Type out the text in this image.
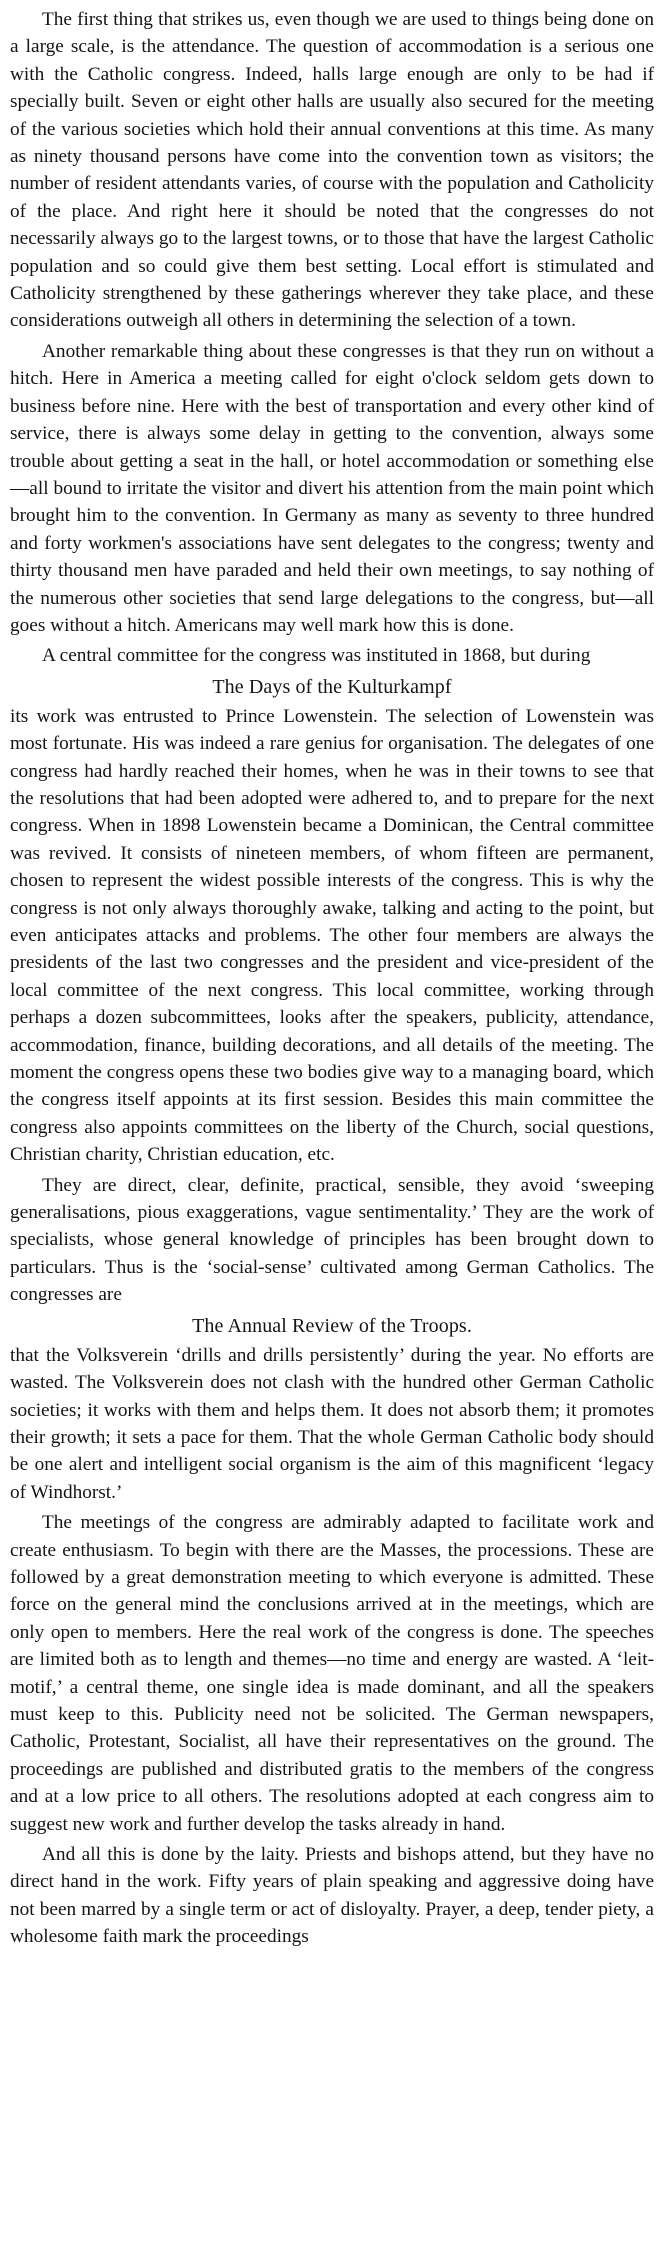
The first thing that strikes us, even though we are used to things being done on a large scale, is the attendance. The question of accommodation is a serious one with the Catholic congress. Indeed, halls large enough are only to be had if specially built. Seven or eight other halls are usually also secured for the meeting of the various societies which hold their annual conventions at this time. As many as ninety thousand persons have come into the convention town as visitors; the number of resident attendants varies, of course with the population and Catholicity of the place. And right here it should be noted that the congresses do not necessarily always go to the largest towns, or to those that have the largest Catholic population and so could give them best setting. Local effort is stimulated and Catholicity strengthened by these gatherings wherever they take place, and these considerations outweigh all others in determining the selection of a town.

Another remarkable thing about these congresses is that they run on without a hitch. Here in America a meeting called for eight o'clock seldom gets down to business before nine. Here with the best of transportation and every other kind of service, there is always some delay in getting to the convention, always some trouble about getting a seat in the hall, or hotel accommodation or something else—all bound to irritate the visitor and divert his attention from the main point which brought him to the convention. In Germany as many as seventy to three hundred and forty workmen's associations have sent delegates to the congress; twenty and thirty thousand men have paraded and held their own meetings, to say nothing of the numerous other societies that send large delegations to the congress, but—all goes without a hitch. Americans may well mark how this is done.

A central committee for the congress was instituted in 1868, but during

The Days of the Kulturkampf

its work was entrusted to Prince Lowenstein. The selection of Lowenstein was most fortunate. His was indeed a rare genius for organisation. The delegates of one congress had hardly reached their homes, when he was in their towns to see that the resolutions that had been adopted were adhered to, and to prepare for the next congress. When in 1898 Lowenstein became a Dominican, the Central committee was revived. It consists of nineteen members, of whom fifteen are permanent, chosen to represent the widest possible interests of the congress. This is why the congress is not only always thoroughly awake, talking and acting to the point, but even anticipates attacks and problems. The other four members are always the presidents of the last two congresses and the president and vice-president of the local committee of the next congress. This local committee, working through perhaps a dozen subcommittees, looks after the speakers, publicity, attendance, accommodation, finance, building decorations, and all details of the meeting. The moment the congress opens these two bodies give way to a managing board, which the congress itself appoints at its first session. Besides this main committee the congress also appoints committees on the liberty of the Church, social questions, Christian charity, Christian education, etc.

They are direct, clear, definite, practical, sensible, they avoid ‘sweeping generalisations, pious exaggerations, vague sentimentality.’ They are the work of specialists, whose general knowledge of principles has been brought down to particulars. Thus is the ‘social-sense’ cultivated among German Catholics. The congresses are

The Annual Review of the Troops.

that the Volksverein ‘drills and drills persistently’ during the year. No efforts are wasted. The Volksverein does not clash with the hundred other German Catholic societies; it works with them and helps them. It does not absorb them; it promotes their growth; it sets a pace for them. That the whole German Catholic body should be one alert and intelligent social organism is the aim of this magnificent ‘legacy of Windhorst.’

The meetings of the congress are admirably adapted to facilitate work and create enthusiasm. To begin with there are the Masses, the processions. These are followed by a great demonstration meeting to which everyone is admitted. These force on the general mind the conclusions arrived at in the meetings, which are only open to members. Here the real work of the congress is done. The speeches are limited both as to length and themes—no time and energy are wasted. A ‘leit-motif,’ a central theme, one single idea is made dominant, and all the speakers must keep to this. Publicity need not be solicited. The German newspapers, Catholic, Protestant, Socialist, all have their representatives on the ground. The proceedings are published and distributed gratis to the members of the congress and at a low price to all others. The resolutions adopted at each congress aim to suggest new work and further develop the tasks already in hand.

And all this is done by the laity. Priests and bishops attend, but they have no direct hand in the work. Fifty years of plain speaking and aggressive doing have not been marred by a single term or act of disloyalty. Prayer, a deep, tender piety, a wholesome faith mark the proceedings
